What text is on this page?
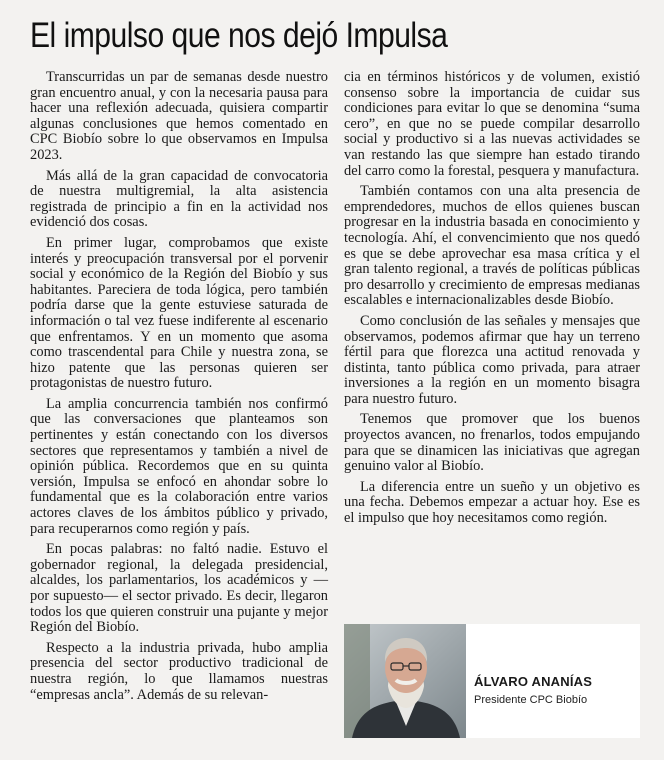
El impulso que nos dejó Impulsa

Transcurridas un par de semanas desde nuestro gran encuentro anual, y con la necesaria pausa para hacer una reflexión adecuada, quisiera compartir algunas conclusiones que hemos comentado en CPC Biobío sobre lo que observamos en Impulsa 2023.

Más allá de la gran capacidad de convocatoria de nuestra multigremial, la alta asistencia registrada de principio a fin en la actividad nos evidenció dos cosas.

En primer lugar, comprobamos que existe interés y preocupación transversal por el porvenir social y económico de la Región del Biobío y sus habitantes. Pareciera de toda lógica, pero también podría darse que la gente estuviese saturada de información o tal vez fuese indiferente al escenario que enfrentamos. Y en un momento que asoma como trascendental para Chile y nuestra zona, se hizo patente que las personas quieren ser protagonistas de nuestro futuro.

La amplia concurrencia también nos confirmó que las conversaciones que planteamos son pertinentes y están conectando con los diversos sectores que representamos y también a nivel de opinión pública. Recordemos que en su quinta versión, Impulsa se enfocó en ahondar sobre lo fundamental que es la colaboración entre varios actores claves de los ámbitos público y privado, para recuperarnos como región y país.

En pocas palabras: no faltó nadie. Estuvo el gobernador regional, la delegada presidencial, alcaldes, los parlamentarios, los académicos y —por supuesto— el sector privado. Es decir, llegaron todos los que quieren construir una pujante y mejor Región del Biobío.

Respecto a la industria privada, hubo amplia presencia del sector productivo tradicional de nuestra región, lo que llamamos nuestras “empresas ancla”. Además de su relevan-

cia en términos históricos y de volumen, existió consenso sobre la importancia de cuidar sus condiciones para evitar lo que se denomina “suma cero”, en que no se puede compilar desarrollo social y productivo si a las nuevas actividades se van restando las que siempre han estado tirando del carro como la forestal, pesquera y manufactura.

También contamos con una alta presencia de emprendedores, muchos de ellos quienes buscan progresar en la industria basada en conocimiento y tecnología. Ahí, el convencimiento que nos quedó es que se debe aprovechar esa masa crítica y el gran talento regional, a través de políticas públicas pro desarrollo y crecimiento de empresas medianas escalables e internacionalizables desde Biobío.

Como conclusión de las señales y mensajes que observamos, podemos afirmar que hay un terreno fértil para que florezca una actitud renovada y distinta, tanto pública como privada, para atraer inversiones a la región en un momento bisagra para nuestro futuro.

Tenemos que promover que los buenos proyectos avancen, no frenarlos, todos empujando para que se dinamicen las iniciativas que agregan genuino valor al Biobío.

La diferencia entre un sueño y un objetivo es una fecha. Debemos empezar a actuar hoy. Ese es el impulso que hoy necesitamos como región.

ÁLVARO ANANÍAS

Presidente CPC Biobío
